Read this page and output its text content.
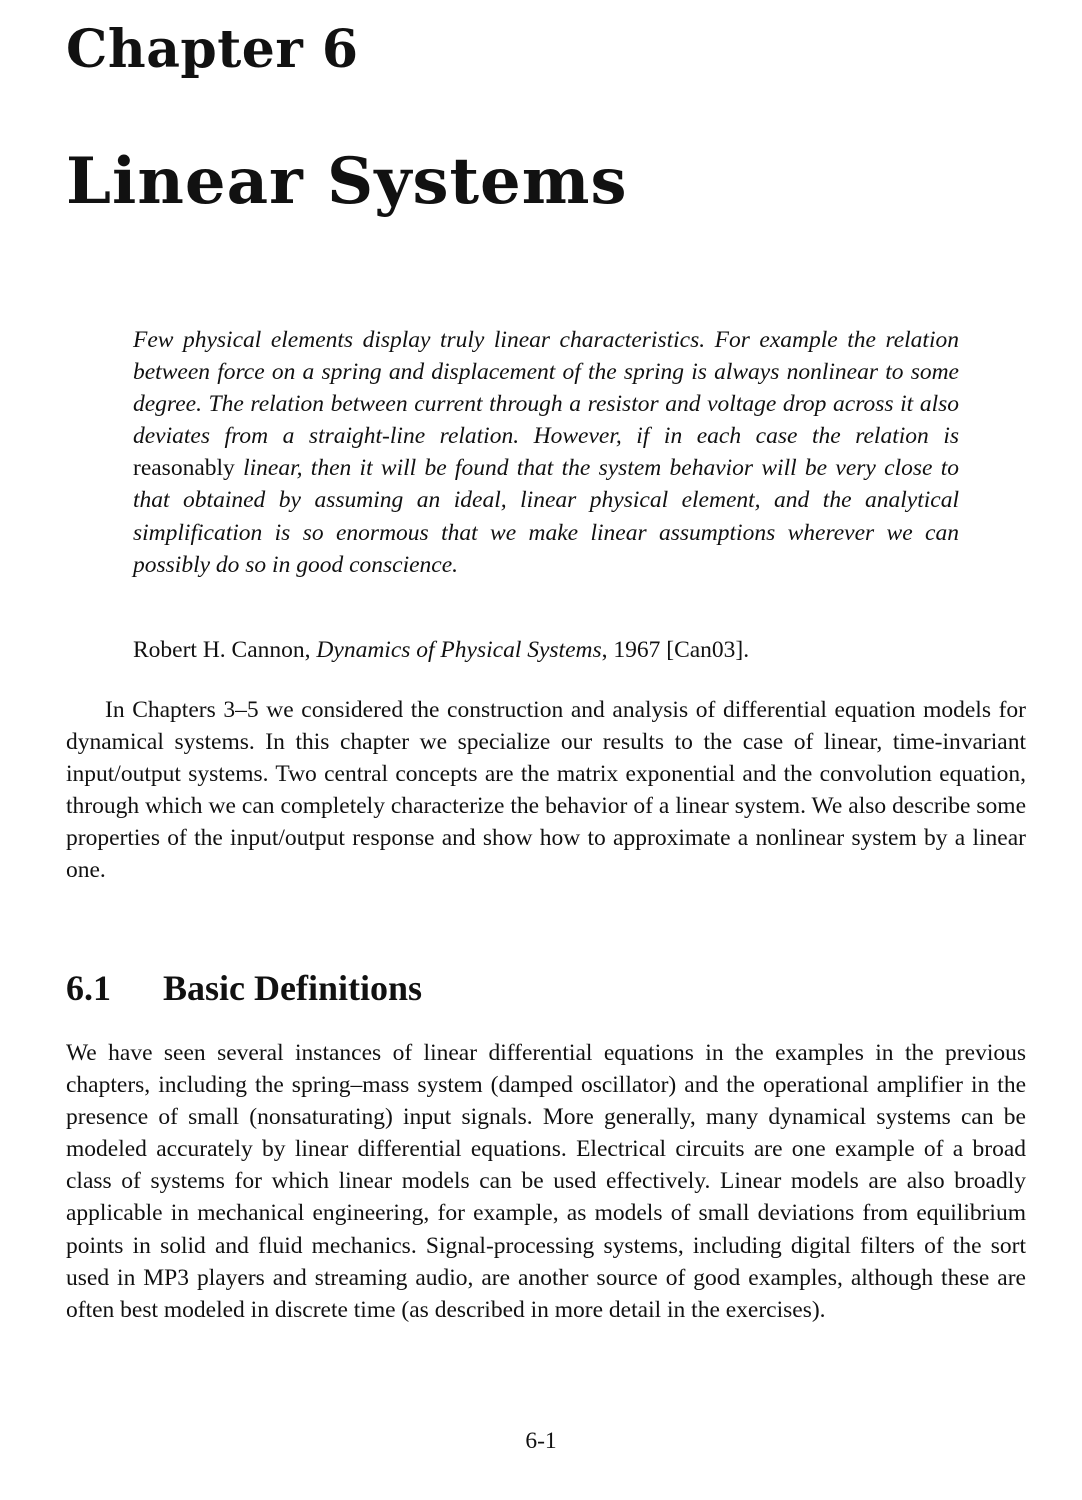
Chapter 6
Linear Systems
Few physical elements display truly linear characteristics. For example the relation between force on a spring and displacement of the spring is always nonlinear to some degree. The relation between current through a resistor and voltage drop across it also deviates from a straight-line relation. However, if in each case the relation is reasonably linear, then it will be found that the system behavior will be very close to that obtained by assuming an ideal, linear physical element, and the analytical simplification is so enormous that we make linear assumptions wherever we can possibly do so in good conscience.
Robert H. Cannon, Dynamics of Physical Systems, 1967 [Can03].
In Chapters 3–5 we considered the construction and analysis of differential equation models for dynamical systems. In this chapter we specialize our results to the case of linear, time-invariant input/output systems. Two central concepts are the matrix exponential and the convolution equation, through which we can completely characterize the behavior of a linear system. We also describe some properties of the input/output response and show how to approximate a nonlinear system by a linear one.
6.1 Basic Definitions
We have seen several instances of linear differential equations in the examples in the previous chapters, including the spring–mass system (damped oscillator) and the operational amplifier in the presence of small (nonsaturating) input signals. More generally, many dynamical systems can be modeled accurately by linear differential equations. Electrical circuits are one example of a broad class of systems for which linear models can be used effectively. Linear models are also broadly applicable in mechanical engineering, for example, as models of small deviations from equilibrium points in solid and fluid mechanics. Signal-processing systems, including digital filters of the sort used in MP3 players and streaming audio, are another source of good examples, although these are often best modeled in discrete time (as described in more detail in the exercises).
6-1
